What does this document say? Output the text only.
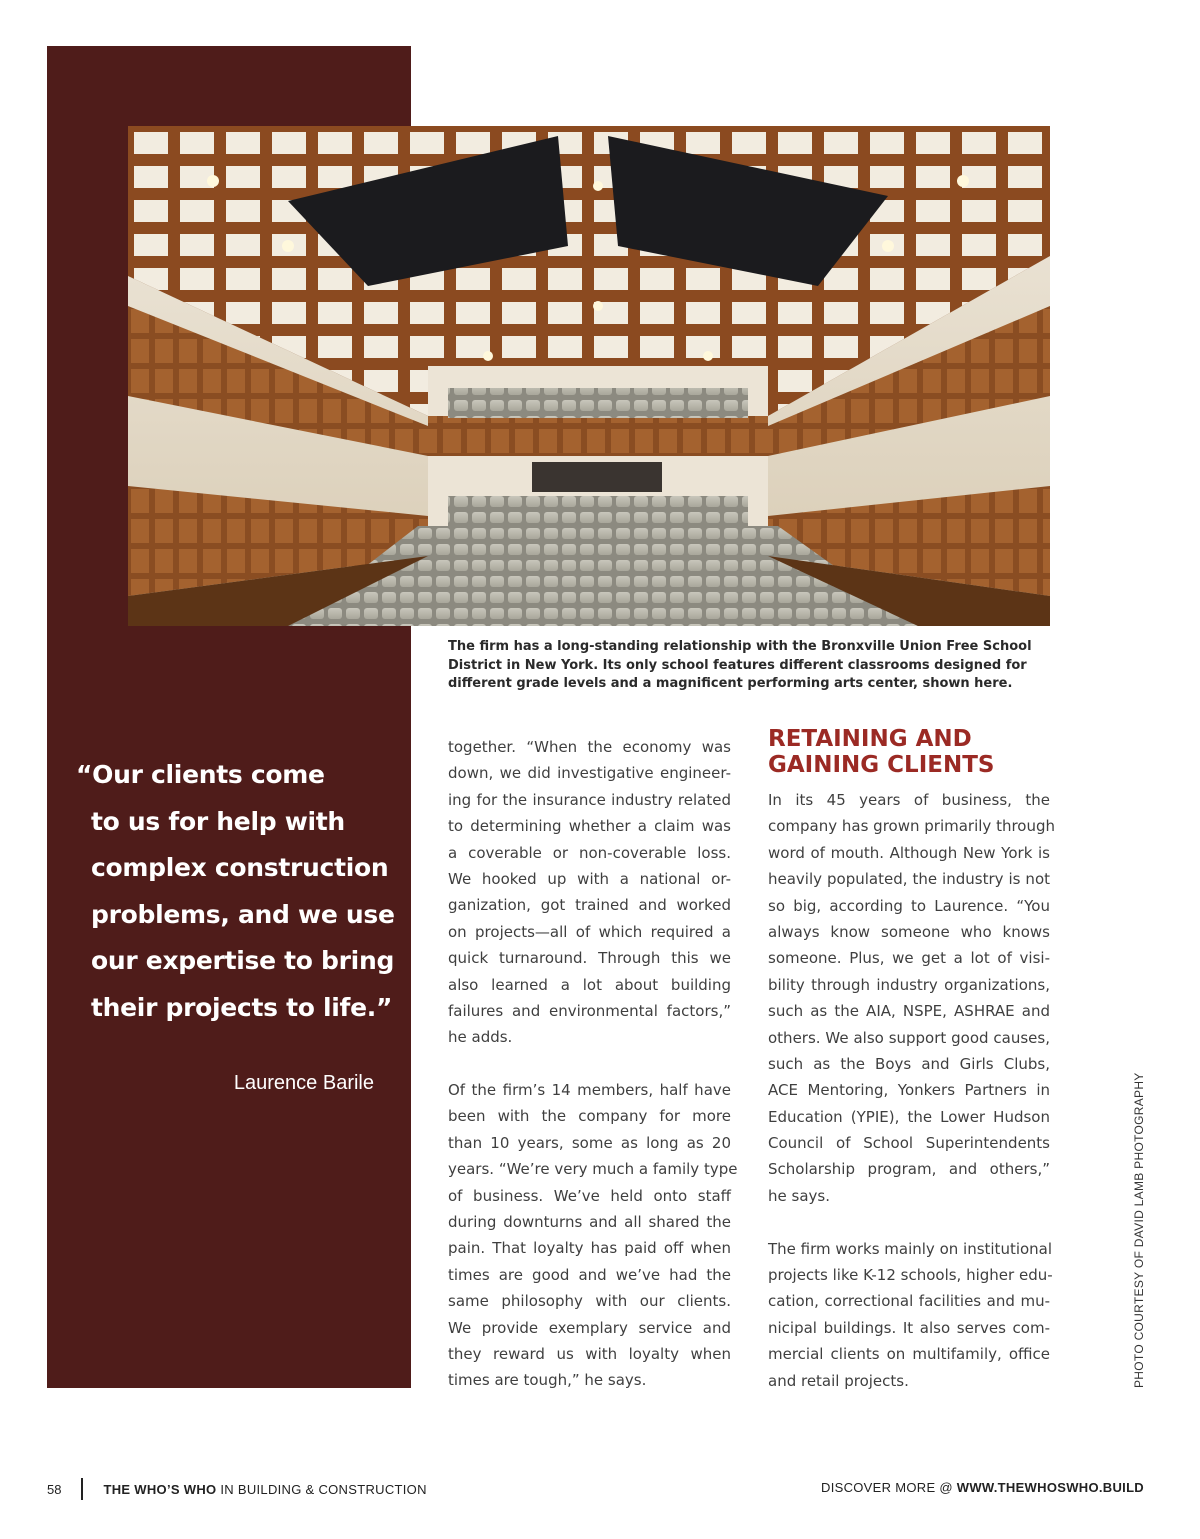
“Our clients come
to us for help with
complex construction
problems, and we use
our expertise to bring
their projects to life.”
Laurence Barile
The firm has a long-standing relationship with the Bronxville Union Free School District in New York. Its only school features different classrooms designed for different grade levels and a magnificent performing arts center, shown here.
together. “When the economy was
down, we did investigative engineer-
ing for the insurance industry related
to determining whether a claim was
a coverable or non-coverable loss.
We hooked up with a national or-
ganization, got trained and worked
on projects—all of which required a
quick turnaround. Through this we
also learned a lot about building
failures and environmental factors,”
he adds.
Of the firm’s 14 members, half have
been with the company for more
than 10 years, some as long as 20
years. “We’re very much a family type
of business. We’ve held onto staff
during downturns and all shared the
pain. That loyalty has paid off when
times are good and we’ve had the
same philosophy with our clients.
We provide exemplary service and
they reward us with loyalty when
times are tough,” he says.
RETAINING AND
GAINING CLIENTS
In its 45 years of business, the
company has grown primarily through
word of mouth. Although New York is
heavily populated, the industry is not
so big, according to Laurence. “You
always know someone who knows
someone. Plus, we get a lot of visi-
bility through industry organizations,
such as the AIA, NSPE, ASHRAE and
others. We also support good causes,
such as the Boys and Girls Clubs,
ACE Mentoring, Yonkers Partners in
Education (YPIE), the Lower Hudson
Council of School Superintendents
Scholarship program, and others,”
he says.
The firm works mainly on institutional
projects like K-12 schools, higher edu-
cation, correctional facilities and mu-
nicipal buildings. It also serves com-
mercial clients on multifamily, office
and retail projects.	PHOTO COURTESY OF DAVID LAMB PHOTOGRAPHY
58	THE WHO’S WHO IN BUILDING & CONSTRUCTION	DISCOVER MORE @ WWW.THEWHOSWHO.BUILD
